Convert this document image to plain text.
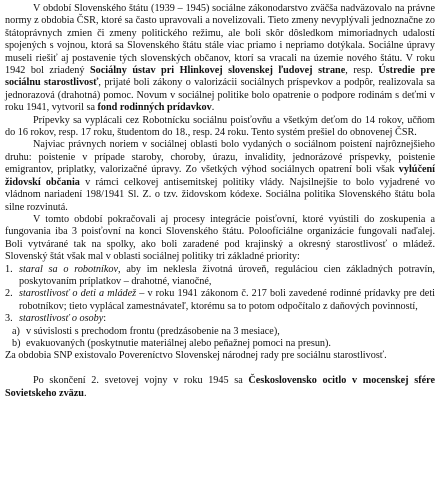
V období Slovenského štátu (1939 – 1945) sociálne zákonodarstvo zväčša nadväzovalo na právne normy z obdobia ČSR, ktoré sa často upravovali a novelizovali. Tieto zmeny nevyplývali jednoznačne zo štátoprávnych zmien či zmeny politického režimu, ale boli skôr dôsledkom mimoriadnych udalostí spojených s vojnou, ktorá sa Slovenského štátu stále viac priamo i nepriamo dotýkala. Sociálne úpravy museli riešiť aj postavenie tých slovenských občanov, ktorí sa vracali na územie nového štátu. V roku 1942 bol zriadený Sociálny ústav pri Hlinkovej slovenskej ľudovej strane, resp. Ústredie pre sociálnu starostlivosť, prijaté boli zákony o valorizácii sociálnych príspevkov a podpôr, realizovala sa jednorazová (drahotná) pomoc. Novum v sociálnej politike bolo opatrenie o podpore rodinám s deťmi v roku 1941, vytvoril sa fond rodinných prídavkov.

Prípevky sa vyplácali cez Robotnícku sociálnu poisťovňu a všetkým deťom do 14 rokov, učňom do 16 rokov, resp. 17 roku, študentom do 18., resp. 24 roku. Tento systém prešiel do obnovenej ČSR.

Najviac právnych noriem v sociálnej oblasti bolo vydaných o sociálnom poistení najrôznejšieho druhu: poistenie v prípade staroby, choroby, úrazu, invalidity, jednorázové príspevky, poistenie emigrantov, priplatky, valorizačné úpravy. Zo všetkých výhod sociálnych opatrení boli však vylúčení židovskí občania v rámci celkovej antisemitskej politiky vlády. Najsilnejšie to bolo vyjadrené vo vládnom nariadení 198/1941 Sl. Z. o tzv. židovskom kódexe. Sociálna politika Slovenského štátu bola silne rozvinutá.

V tomto období pokračovali aj procesy integrácie poisťovní, ktoré vyústili do zoskupenia a fungovania iba 3 poisťovní na konci Slovenského štátu. Poloofíciálne organizácie fungovali naďalej. Boli vytvárané tak na spolky, ako boli zaradené pod krajinský a okresný starostlivosť o mládež. Slovenský štát však mal v oblasti sociálnej politiky tri základné priority:

1. staral sa o robotníkov, aby im neklesla životná úroveň, reguláciou cien základných potravín, poskytovaním príplatkov – drahotné, vianočné,
2. starostlivosť o deti a mládež – v roku 1941 zákonom č. 217 boli zavedené rodinné prídavky pre deti robotníkov; tieto vyplácal zamestnávateľ, ktorému sa to potom odpočítalo z daňových povinností,
3. starostlivosť o osoby:
a) v súvislosti s prechodom frontu (predzásobenie na 3 mesiace),
b) evakuovaných (poskytnutie materiálnej alebo peňažnej pomoci na presun).

Za obdobia SNP existovalo Povereníctvo Slovenskej národnej rady pre sociálnu starostlivosť.

Po skončení 2. svetovej vojny v roku 1945 sa Československo ocitlo v mocenskej sfére Sovietskeho zväzu.
